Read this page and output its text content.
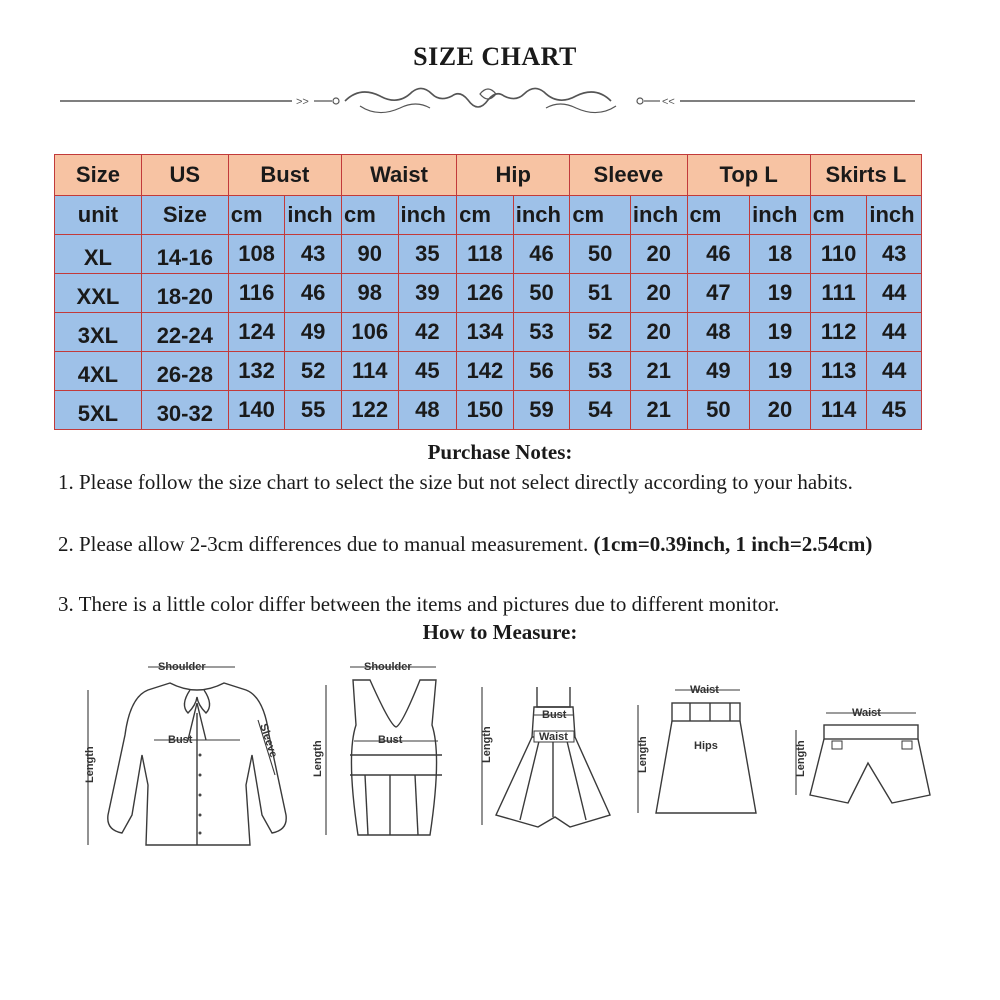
SIZE CHART
>>	<<
Size	US	Bust		Waist		Hip		Sleeve		Top L		Skirts L	
unit	Size	cm	inch	cm	inch	cm	inch	cm	inch	cm	inch	cm	inch
XL	14-16	108	43	90	35	118	46	50	20	46	18	110	43
XXL	18-20	116	46	98	39	126	50	51	20	47	19	111	44
3XL	22-24	124	49	106	42	134	53	52	20	48	19	112	44
4XL	26-28	132	52	114	45	142	56	53	21	49	19	113	44
5XL	30-32	140	55	122	48	150	59	54	21	50	20	114	45
Purchase Notes:
1. Please follow the size chart to select the size but not select directly according to your habits.
2. Please allow 2-3cm differences due to manual measurement. (1cm=0.39inch, 1 inch=2.54cm)
3. There is a little color differ between the items and pictures due to different monitor.
How to Measure:
Shoulder
Bust
Length
Sleeve
Shoulder
Bust
Length
Bust
Waist
Length
Waist
Hips
Length
Waist
Length
